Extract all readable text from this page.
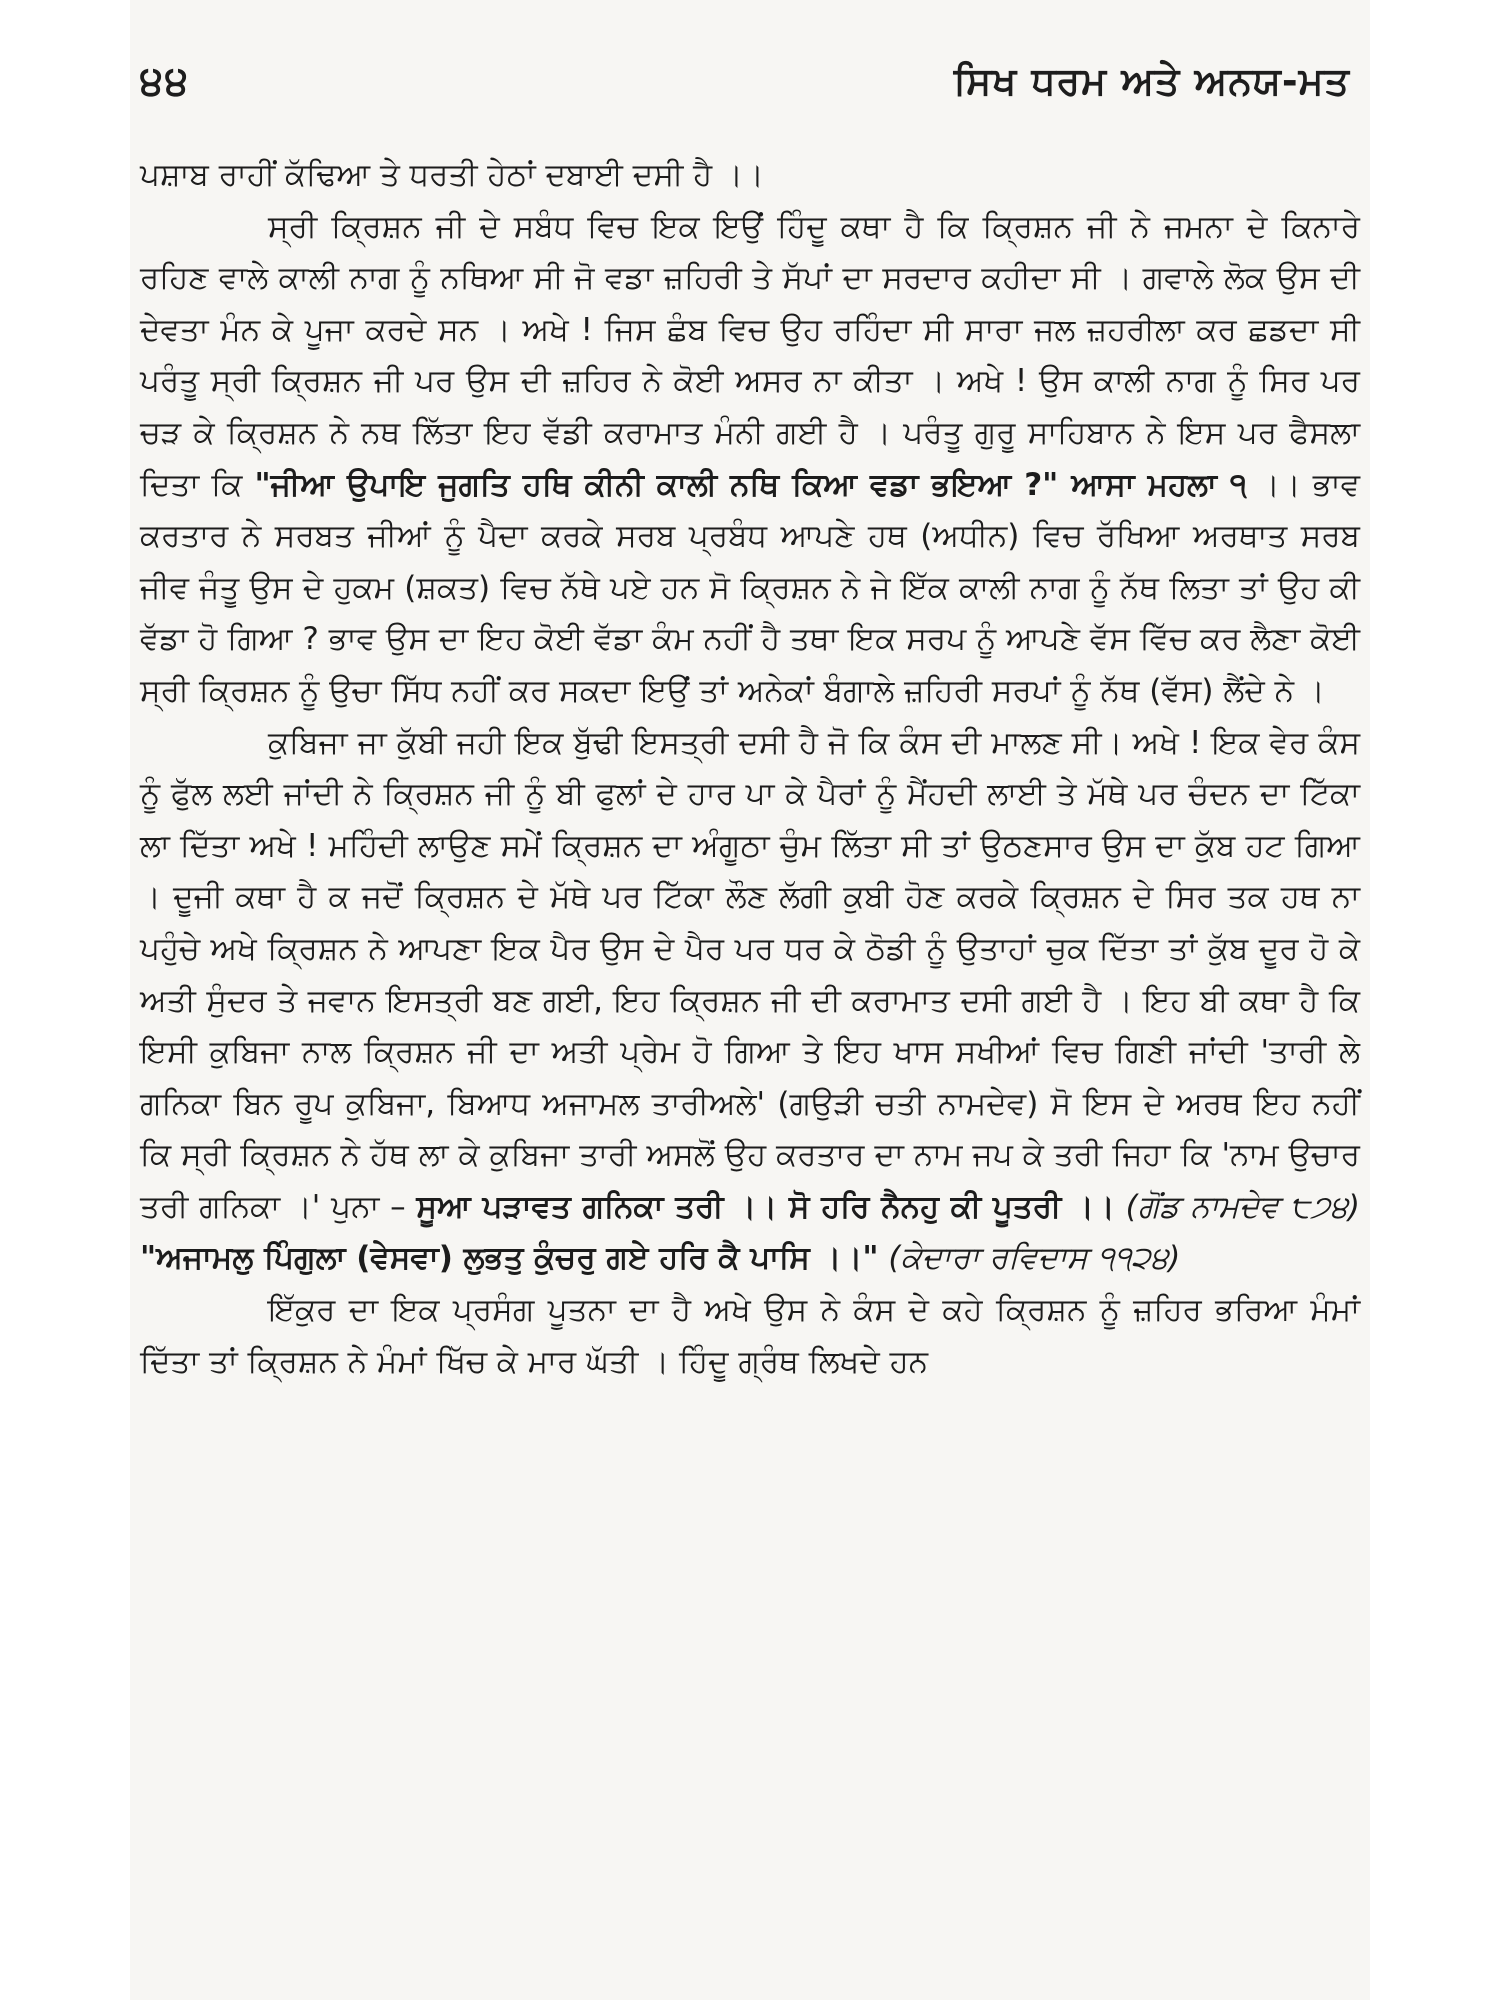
੪੪	ਸਿਖ ਧਰਮ ਅਤੇ ਅਨਯ-ਮਤ

ਪਸ਼ਾਬ ਰਾਹੀਂ ਕੱਢਿਆ ਤੇ ਧਰਤੀ ਹੇਠਾਂ ਦਬਾਈ ਦਸੀ ਹੈ ।।

ਸ੍ਰੀ ਕ੍ਰਿਸ਼ਨ ਜੀ ਦੇ ਸਬੰਧ ਵਿਚ ਇਕ ਇਉਂ ਹਿੰਦੂ ਕਥਾ ਹੈ ਕਿ ਕ੍ਰਿਸ਼ਨ ਜੀ ਨੇ ਜਮਨਾ ਦੇ ਕਿਨਾਰੇ ਰਹਿਣ ਵਾਲੇ ਕਾਲੀ ਨਾਗ ਨੂੰ ਨਥਿਆ ਸੀ ਜੋ ਵਡਾ ਜ਼ਹਿਰੀ ਤੇ ਸੱਪਾਂ ਦਾ ਸਰਦਾਰ ਕਹੀਦਾ ਸੀ । ਗਵਾਲੇ ਲੋਕ ਉਸ ਦੀ ਦੇਵਤਾ ਮੰਨ ਕੇ ਪੂਜਾ ਕਰਦੇ ਸਨ । ਅਖੇ ! ਜਿਸ ਛੰਬ ਵਿਚ ਉਹ ਰਹਿੰਦਾ ਸੀ ਸਾਰਾ ਜਲ ਜ਼ਹਰੀਲਾ ਕਰ ਛਡਦਾ ਸੀ ਪਰੰਤੂ ਸ੍ਰੀ ਕ੍ਰਿਸ਼ਨ ਜੀ ਪਰ ਉਸ ਦੀ ਜ਼ਹਿਰ ਨੇ ਕੋਈ ਅਸਰ ਨਾ ਕੀਤਾ । ਅਖੇ ! ਉਸ ਕਾਲੀ ਨਾਗ ਨੂੰ ਸਿਰ ਪਰ ਚੜ ਕੇ ਕ੍ਰਿਸ਼ਨ ਨੇ ਨਥ ਲਿੱਤਾ ਇਹ ਵੱਡੀ ਕਰਾਮਾਤ ਮੰਨੀ ਗਈ ਹੈ । ਪਰੰਤੂ ਗੁਰੂ ਸਾਹਿਬਾਨ ਨੇ ਇਸ ਪਰ ਫੈਸਲਾ ਦਿਤਾ ਕਿ "ਜੀਆ ਉਪਾਇ ਜੁਗਤਿ ਹਥਿ ਕੀਨੀ ਕਾਲੀ ਨਥਿ ਕਿਆ ਵਡਾ ਭਇਆ ?" ਆਸਾ ਮਹਲਾ ੧ ।। ਭਾਵ ਕਰਤਾਰ ਨੇ ਸਰਬਤ ਜੀਆਂ ਨੂੰ ਪੈਦਾ ਕਰਕੇ ਸਰਬ ਪ੍ਰਬੰਧ ਆਪਣੇ ਹਥ (ਅਧੀਨ) ਵਿਚ ਰੱਖਿਆ ਅਰਥਾਤ ਸਰਬ ਜੀਵ ਜੰਤੂ ਉਸ ਦੇ ਹੁਕਮ (ਸ਼ਕਤ) ਵਿਚ ਨੱਥੇ ਪਏ ਹਨ ਸੋ ਕ੍ਰਿਸ਼ਨ ਨੇ ਜੇ ਇੱਕ ਕਾਲੀ ਨਾਗ ਨੂੰ ਨੱਥ ਲਿਤਾ ਤਾਂ ਉਹ ਕੀ ਵੱਡਾ ਹੋ ਗਿਆ ? ਭਾਵ ਉਸ ਦਾ ਇਹ ਕੋਈ ਵੱਡਾ ਕੰਮ ਨਹੀਂ ਹੈ ਤਥਾ ਇਕ ਸਰਪ ਨੂੰ ਆਪਣੇ ਵੱਸ ਵਿੱਚ ਕਰ ਲੈਣਾ ਕੋਈ ਸ੍ਰੀ ਕ੍ਰਿਸ਼ਨ ਨੂੰ ਉਚਾ ਸਿੱਧ ਨਹੀਂ ਕਰ ਸਕਦਾ ਇਉਂ ਤਾਂ ਅਨੇਕਾਂ ਬੰਗਾਲੇ ਜ਼ਹਿਰੀ ਸਰਪਾਂ ਨੂੰ ਨੱਥ (ਵੱਸ) ਲੈਂਦੇ ਨੇ ।

ਕੁਬਿਜਾ ਜਾ ਕੁੱਬੀ ਜਹੀ ਇਕ ਬੁੱਢੀ ਇਸਤ੍ਰੀ ਦਸੀ ਹੈ ਜੋ ਕਿ ਕੰਸ ਦੀ ਮਾਲਣ ਸੀ। ਅਖੇ ! ਇਕ ਵੇਰ ਕੰਸ ਨੂੰ ਫੁੱਲ ਲਈ ਜਾਂਦੀ ਨੇ ਕ੍ਰਿਸ਼ਨ ਜੀ ਨੂੰ ਬੀ ਫੁਲਾਂ ਦੇ ਹਾਰ ਪਾ ਕੇ ਪੈਰਾਂ ਨੂੰ ਮੈਂਹਦੀ ਲਾਈ ਤੇ ਮੱਥੇ ਪਰ ਚੰਦਨ ਦਾ ਟਿੱਕਾ ਲਾ ਦਿੱਤਾ ਅਖੇ ! ਮਹਿੰਦੀ ਲਾਉਣ ਸਮੇਂ ਕ੍ਰਿਸ਼ਨ ਦਾ ਅੰਗੂਠਾ ਚੁੰਮ ਲਿੱਤਾ ਸੀ ਤਾਂ ਉਠਣਸਾਰ ਉਸ ਦਾ ਕੁੱਬ ਹਟ ਗਿਆ । ਦੂਜੀ ਕਥਾ ਹੈ ਕ ਜਦੋਂ ਕ੍ਰਿਸ਼ਨ ਦੇ ਮੱਥੇ ਪਰ ਟਿੱਕਾ ਲੌਣ ਲੱਗੀ ਕੁਬੀ ਹੋਣ ਕਰਕੇ ਕ੍ਰਿਸ਼ਨ ਦੇ ਸਿਰ ਤਕ ਹਥ ਨਾ ਪਹੁੰਚੇ ਅਖੇ ਕ੍ਰਿਸ਼ਨ ਨੇ ਆਪਣਾ ਇਕ ਪੈਰ ਉਸ ਦੇ ਪੈਰ ਪਰ ਧਰ ਕੇ ਠੋਡੀ ਨੂੰ ਉਤਾਹਾਂ ਚੁਕ ਦਿੱਤਾ ਤਾਂ ਕੁੱਬ ਦੂਰ ਹੋ ਕੇ ਅਤੀ ਸੁੰਦਰ ਤੇ ਜਵਾਨ ਇਸਤ੍ਰੀ ਬਣ ਗਈ, ਇਹ ਕ੍ਰਿਸ਼ਨ ਜੀ ਦੀ ਕਰਾਮਾਤ ਦਸੀ ਗਈ ਹੈ । ਇਹ ਬੀ ਕਥਾ ਹੈ ਕਿ ਇਸੀ ਕੁਬਿਜਾ ਨਾਲ ਕ੍ਰਿਸ਼ਨ ਜੀ ਦਾ ਅਤੀ ਪ੍ਰੇਮ ਹੋ ਗਿਆ ਤੇ ਇਹ ਖਾਸ ਸਖੀਆਂ ਵਿਚ ਗਿਣੀ ਜਾਂਦੀ 'ਤਾਰੀ ਲੇ ਗਨਿਕਾ ਬਿਨ ਰੂਪ ਕੁਬਿਜਾ, ਬਿਆਧ ਅਜਾਮਲ ਤਾਰੀਅਲੇ' (ਗਉੜੀ ਚਤੀ ਨਾਮਦੇਵ) ਸੋ ਇਸ ਦੇ ਅਰਥ ਇਹ ਨਹੀਂ ਕਿ ਸ੍ਰੀ ਕ੍ਰਿਸ਼ਨ ਨੇ ਹੱਥ ਲਾ ਕੇ ਕੁਬਿਜਾ ਤਾਰੀ ਅਸਲੋਂ ਉਹ ਕਰਤਾਰ ਦਾ ਨਾਮ ਜਪ ਕੇ ਤਰੀ ਜਿਹਾ ਕਿ 'ਨਾਮ ਉਚਾਰ ਤਰੀ ਗਨਿਕਾ ।' ਪੁਨਾ – ਸੂਆ ਪੜਾਵਤ ਗਨਿਕਾ ਤਰੀ ।। ਸੋ ਹਰਿ ਨੈਨਹੁ ਕੀ ਪੂਤਰੀ ।। (ਗੋਂਡ ਨਾਮਦੇਵ ੮੭੪) "ਅਜਾਮਲੁ ਪਿੰਗੁਲਾ (ਵੇਸਵਾ) ਲੁਭਤੁ ਕੁੰਚਰੁ ਗਏ ਹਰਿ ਕੈ ਪਾਸਿ ।।" (ਕੇਦਾਰਾ ਰਵਿਦਾਸ ੧੧੨੪)

ਇੱਕੁਰ ਦਾ ਇਕ ਪ੍ਰਸੰਗ ਪੂਤਨਾ ਦਾ ਹੈ ਅਖੇ ਉਸ ਨੇ ਕੰਸ ਦੇ ਕਹੇ ਕ੍ਰਿਸ਼ਨ ਨੂੰ ਜ਼ਹਿਰ ਭਰਿਆ ਮੰਮਾਂ ਦਿੱਤਾ ਤਾਂ ਕ੍ਰਿਸ਼ਨ ਨੇ ਮੰਮਾਂ ਖਿੱਚ ਕੇ ਮਾਰ ਘੱਤੀ । ਹਿੰਦੂ ਗ੍ਰੰਥ ਲਿਖਦੇ ਹਨ
